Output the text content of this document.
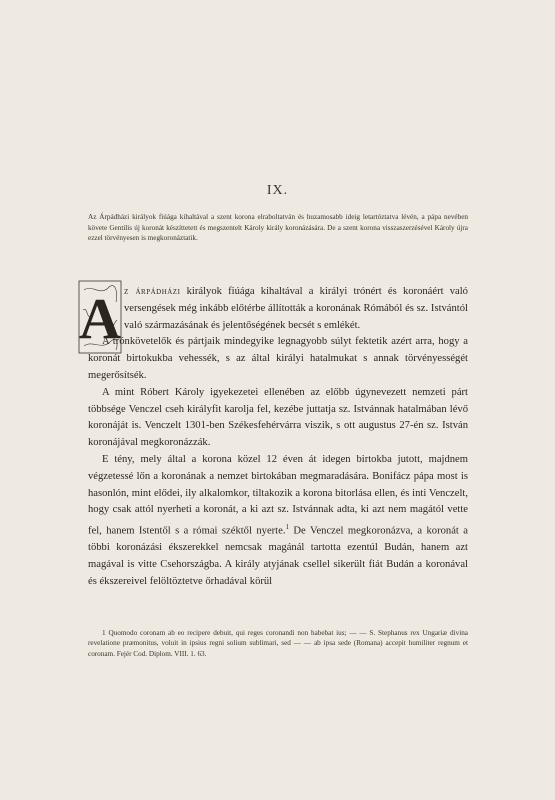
IX.
Az Árpádházi királyok fiúága kihaltával a szent korona elraboltatván és huzamosabb ideig letartóztatva lévén, a pápa nevében követe Gentilis új koronát készíttetett és megszentelt Károly király koronázására. De a szent korona visszaszerzésével Károly újra ezzel törvényesen is megkoronáztatik.
A z árpádházi királyok fiúága kihaltával a királyi trónért és koronáért való versengések még inkább előtérbe állították a koronának Rómából és sz. Istvántól való származásának és jelentőségének becsét s emlékét.

A trónkövetelők és pártjaik mindegyike legnagyobb súlyt fektetik azért arra, hogy a koronát birtokukba vehessék, s az által királyi hatalmukat s annak törvényességét megerősítsék.

A mint Róbert Károly igyekezetei ellenében az előbb úgynevezett nemzeti párt többsége Venczel cseh királyfit karolja fel, kezébe juttatja sz. Istvánnak hatalmában lévő koronáját is. Venczelt 1301-ben Székesfehérvárra viszik, s ott augustus 27-én sz. István koronájával megkoronázzák.

E tény, mely által a korona közel 12 éven át idegen birtokba jutott, majdnem végzetessé lőn a koronának a nemzet birtokában megmaradására. Bonifácz pápa most is hasonlón, mint elődei, ily alkalomkor, tiltakozik a korona bitorlása ellen, és inti Venczelt, hogy csak attól nyerheti a koronát, a ki azt sz. Istvánnak adta, ki azt nem magától vette fel, hanem Istentől s a római széktől nyerte.$^1$ De Venczel megkoronázva, a koronát a többi koronázási ékszerekkel nemcsak magánál tartotta ezentúl Budán, hanem azt magával is vitte Csehországba. A király atyjának csellel sikerült fiát Budán a koronával és ékszereivel felöltöztetve őrhadával körül

1 Quomodo coronam ab eo recipere debuit, qui reges coronandi non habebat ius; — — S. Stephanus rex Ungariæ divina revelatione præmonitus, voluit in ipsius regni solium sublimari, sed — — ab ipsa sede (Romana) accepit humiliter regnum et coronam. Fejér Cod. Diplom. VIII. 1. 63.
